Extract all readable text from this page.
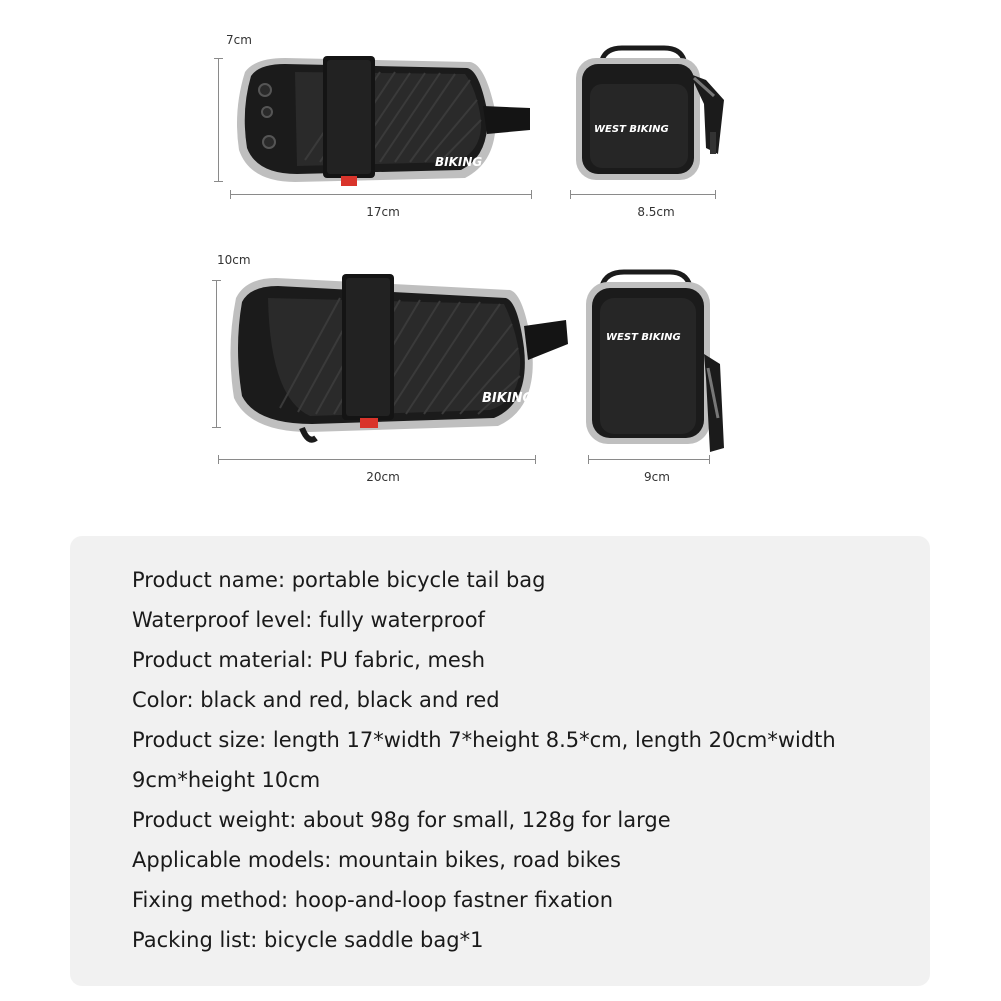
7cm
17cm	8.5cm
BIKING
WEST BIKING
10cm
20cm	9cm
BIKING
WEST BIKING
Product name: portable bicycle tail bag
Waterproof level: fully waterproof
Product material: PU fabric, mesh
Color: black and red, black and red
Product size: length 17*width 7*height 8.5*cm, length 20cm*width
9cm*height 10cm
Product weight: about 98g for small, 128g for large
Applicable models: mountain bikes, road bikes
Fixing method: hoop-and-loop fastner fixation
Packing list: bicycle saddle bag*1
